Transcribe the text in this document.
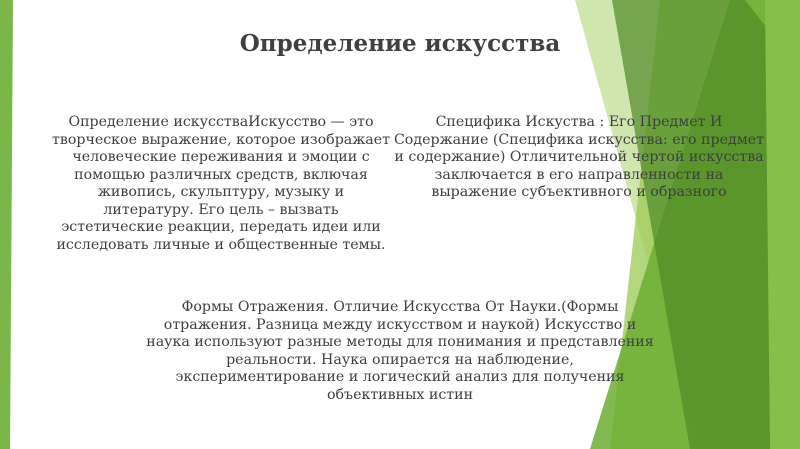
Определение искусства
Определение искусстваИскусство — это творческое выражение, которое изображает человеческие переживания и эмоции с помощью различных средств, включая живопись, скульптуру, музыку и литературу. Его цель – вызвать эстетические реакции, передать идеи или исследовать личные и общественные темы.
Специфика Искуства : Его Предмет И Содержание (Специфика искусства: его предмет и содержание) Отличительной чертой искусства заключается в его направленности на выражение субъективного и образного
Формы Отражения. Отличие Искусства От Науки.(Формы отражения. Разница между искусством и наукой) Искусство и наука используют разные методы для понимания и представления реальности. Наука опирается на наблюдение, экспериментирование и логический анализ для получения объективных истин
